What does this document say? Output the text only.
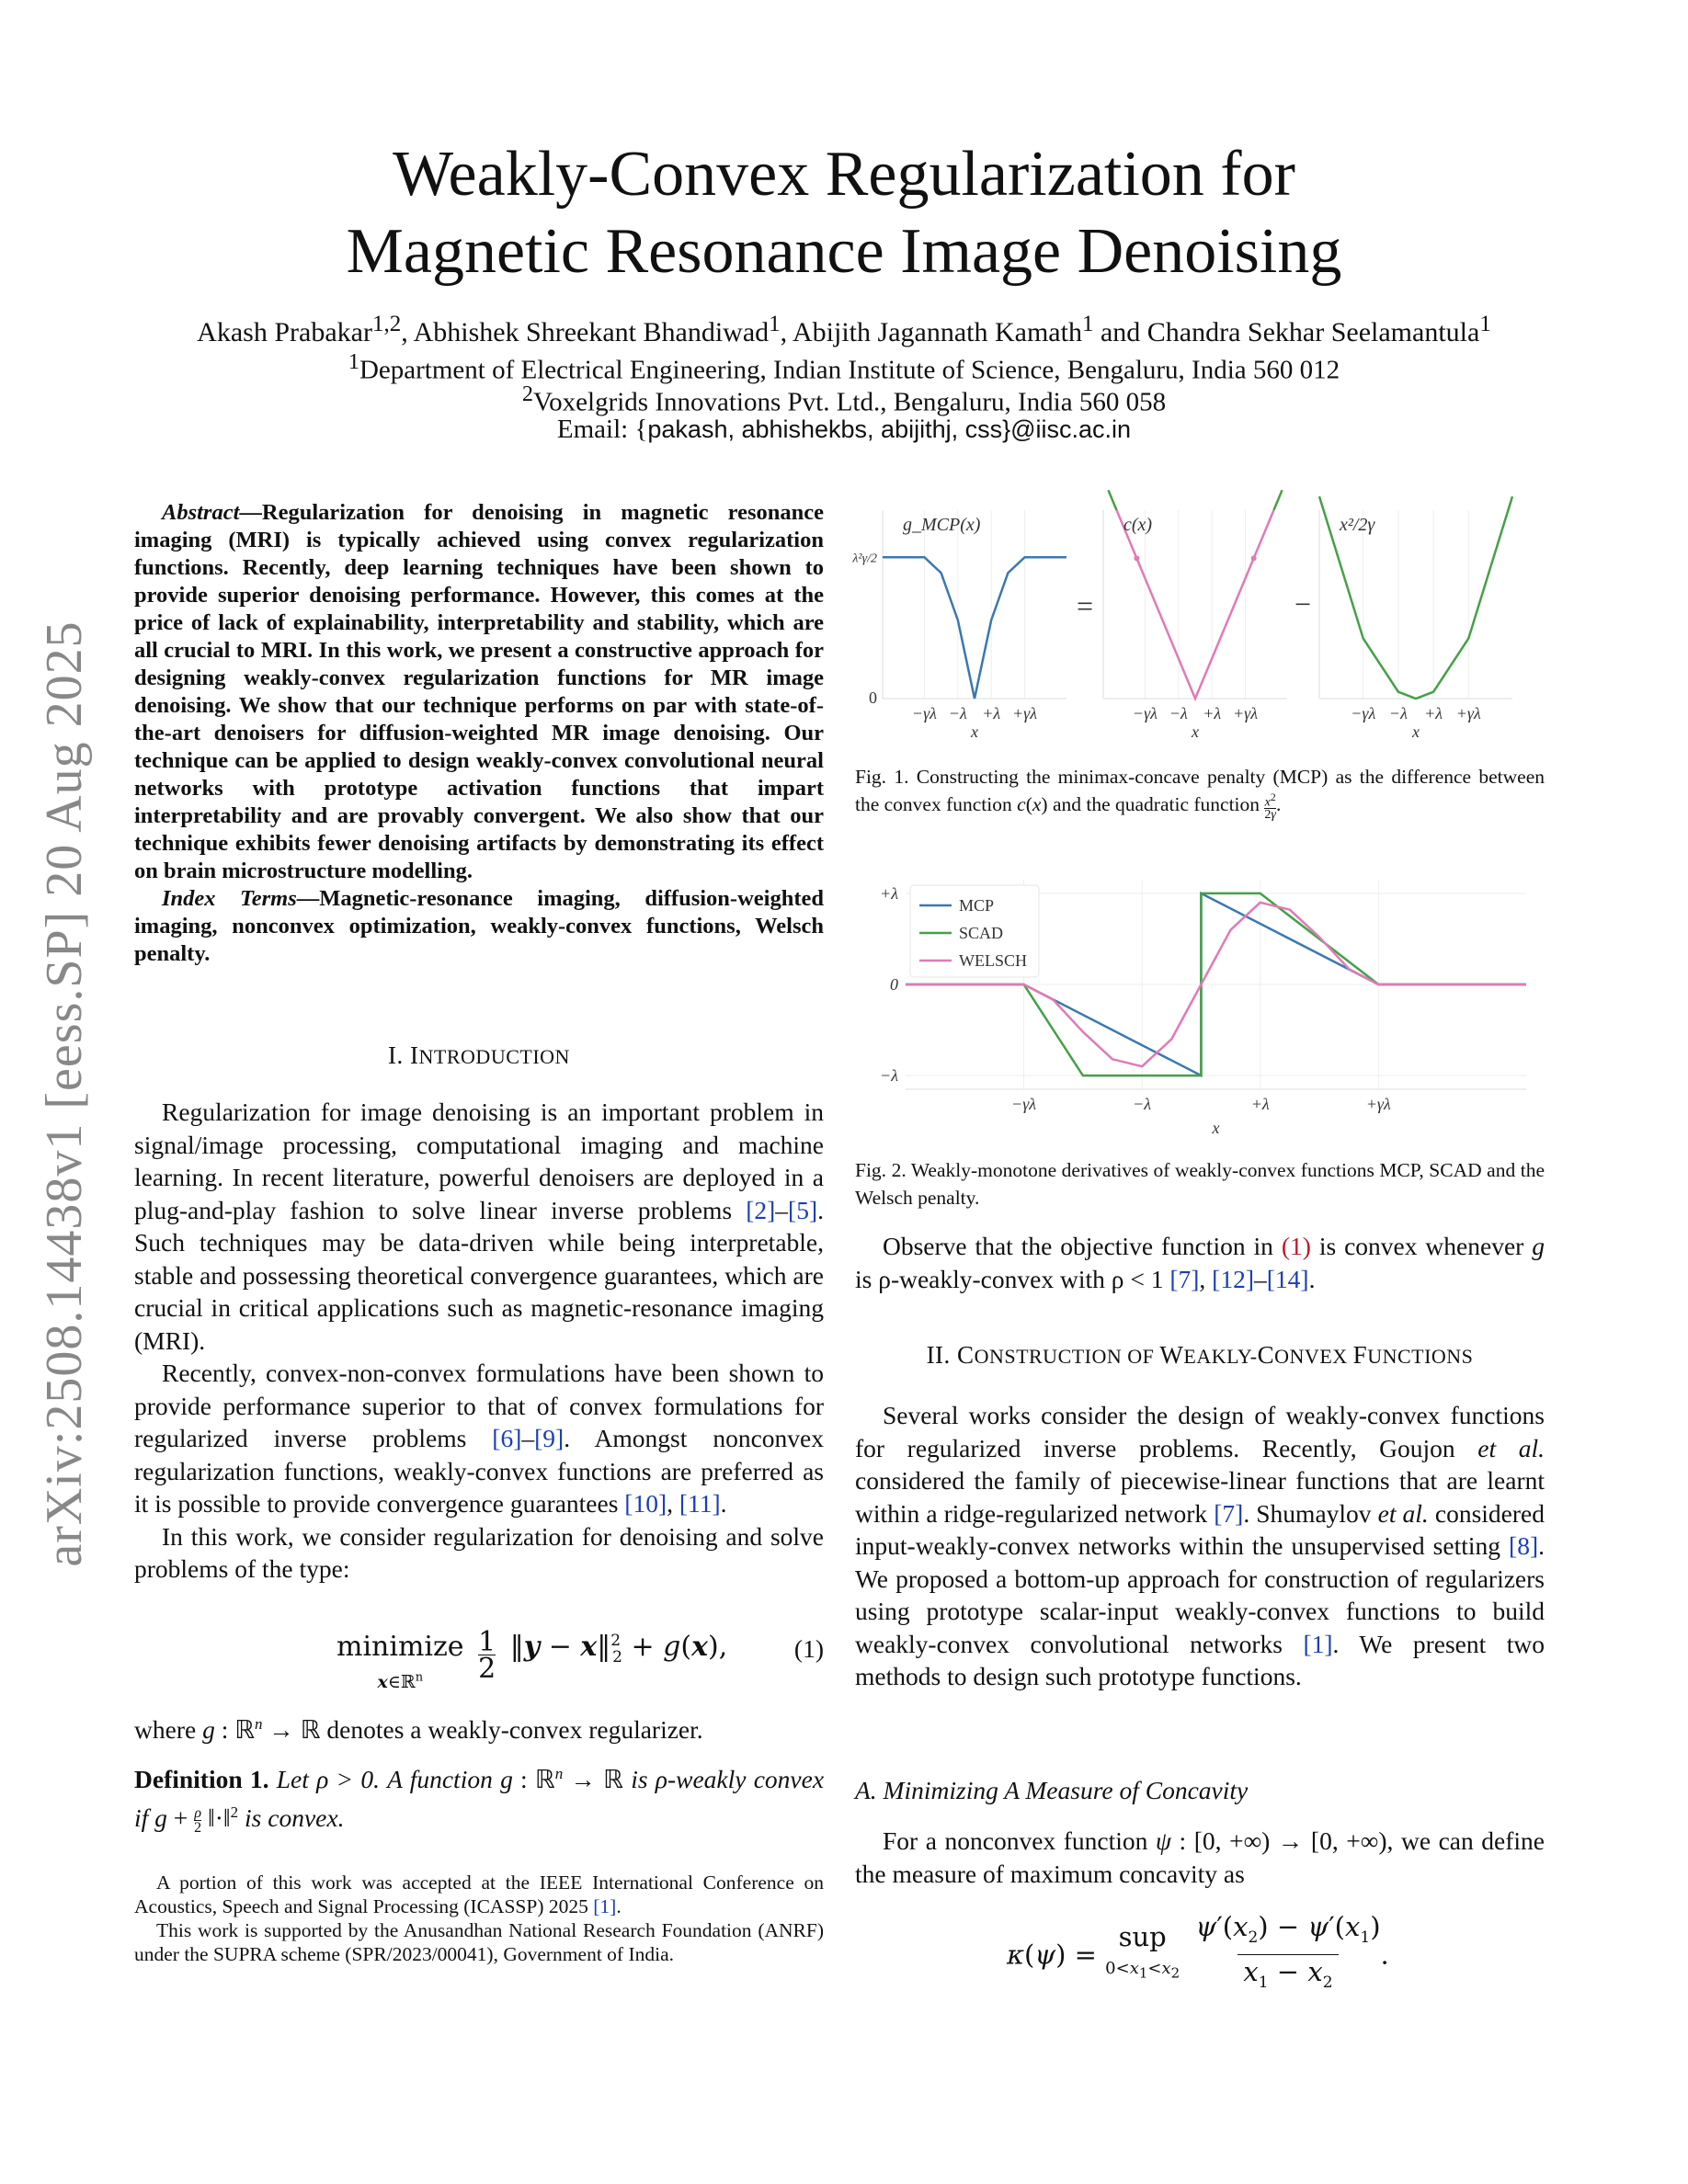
Weakly-Convex Regularization for
Magnetic Resonance Image Denoising
Akash Prabakar$^{1,2}$, Abhishek Shreekant Bhandiwad$^1$, Abijith Jagannath Kamath$^1$ and Chandra Sekhar Seelamantula$^1$
$^1$Department of Electrical Engineering, Indian Institute of Science, Bengaluru, India 560 012
$^2$Voxelgrids Innovations Pvt. Ltd., Bengaluru, India 560 058
Email: {pakash, abhishekbs, abijithj, css}@iisc.ac.in
arXiv:2508.14438v1 [eess.SP] 20 Aug 2025

Abstract—Regularization for denoising in magnetic resonance imaging (MRI) is typically achieved using convex regularization functions. Recently, deep learning techniques have been shown to provide superior denoising performance. However, this comes at the price of lack of explainability, interpretability and stability, which are all crucial to MRI. In this work, we present a constructive approach for designing weakly-convex regularization functions for MR image denoising. We show that our technique performs on par with state-of-the-art denoisers for diffusion-weighted MR image denoising. Our technique can be applied to design weakly-convex convolutional neural networks with prototype activation functions that impart interpretability and are provably convergent. We also show that our technique exhibits fewer denoising artifacts by demonstrating its effect on brain microstructure modelling.

Index Terms—Magnetic-resonance imaging, diffusion-weighted imaging, nonconvex optimization, weakly-convex functions, Welsch penalty.

I. INTRODUCTION

Regularization for image denoising is an important problem in signal/image processing, computational imaging and machine learning. In recent literature, powerful denoisers are deployed in a plug-and-play fashion to solve linear inverse problems [2]–[5]. Such techniques may be data-driven while being interpretable, stable and possessing theoretical convergence guarantees, which are crucial in critical applications such as magnetic-resonance imaging (MRI).

Recently, convex-non-convex formulations have been shown to provide performance superior to that of convex formulations for regularized inverse problems [6]–[9]. Amongst nonconvex regularization functions, weakly-convex functions are preferred as it is possible to provide convergence guarantees [10], [11].

In this work, we consider regularization for denoising and solve problems of the type:

minimize
x∈ℝ$^n$ 1
2 ‖y − x‖$^2_2$ + g(x),	(1)
where g : ℝ$^n$ → ℝ denotes a weakly-convex regularizer.
Definition 1. Let ρ > 0. A function g : ℝ$^n$ → ℝ is ρ-weakly convex if $g + \frac{\rho}{2}$ ‖·‖$^2$ is convex.

A portion of this work was accepted at the IEEE International Conference on Acoustics, Speech and Signal Processing (ICASSP) 2025 [1].

This work is supported by the Anusandhan National Research Foundation (ANRF) under the SUPRA scheme (SPR/2023/00041), Government of India.

g_MCP(x)
−γλ −λ +λ +γλ
x
c(x)
−γλ −λ +λ +γλ
x
x²/2γ
−γλ −λ +λ +γλ
x
λ²γ/2
0
=	−
Fig. 1. Constructing the minimax-concave penalty (MCP) as the difference between the convex function c(x) and the quadratic function $x^2$
2γ.
−γλ	−λ	+λ	+γλ
−λ
0
+λ
x
MCP
SCAD
WELSCH
Fig. 2. Weakly-monotone derivatives of weakly-convex functions MCP, SCAD and the Welsch penalty.

Observe that the objective function in (1) is convex whenever g is ρ-weakly-convex with ρ < 1 [7], [12]–[14].

II. CONSTRUCTION OF WEAKLY-CONVEX FUNCTIONS

Several works consider the design of weakly-convex functions for regularized inverse problems. Recently, Goujon et al. considered the family of piecewise-linear functions that are learnt within a ridge-regularized network [7]. Shumaylov et al. considered input-weakly-convex networks within the unsupervised setting [8]. We proposed a bottom-up approach for construction of regularizers using prototype scalar-input weakly-convex functions to build weakly-convex convolutional networks [1]. We present two methods to design such prototype functions.

A. Minimizing A Measure of Concavity

For a nonconvex function ψ : [0, +∞) → [0, +∞), we can define the measure of maximum concavity as

κ(ψ) = sup
$0<x_1<x_2$ $\psi'(x_2) - \psi'(x_1)$
$x_1 - x_2$.
